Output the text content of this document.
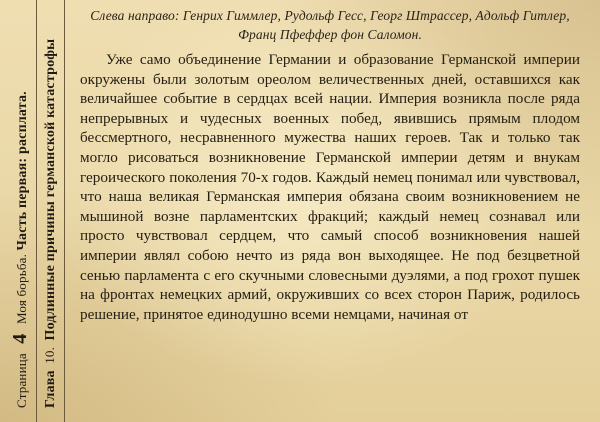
Страница 4 Моя борьба. Часть первая: расплата.
Глава 10. Подлинные причины германской катастрофы

Слева направо: Генрих Гиммлер, Рудольф Гесс, Георг Штрассер, Адольф Гитлер, Франц Пфеффер фон Саломон.

Уже само объединение Германии и образование Германской империи окружены были золотым ореолом величественных дней, оставшихся как величайшее событие в сердцах всей нации. Империя возникла после ряда непрерывных и чудесных военных побед, явившись прямым плодом бессмертного, несравненного мужества наших героев. Так и только так могло рисоваться возникновение Германской империи детям и внукам героического поколения 70-х годов. Каждый немец понимал или чувствовал, что наша великая Германская империя обязана своим возникновением не мышиной возне парламентских фракций; каждый немец сознавал или просто чувствовал сердцем, что самый способ возникновения нашей империи являл собою нечто из ряда вон выходящее. Не под безцветной сенью парламента с его скучными словесными дуэлями, а под грохот пушек на фронтах немецких армий, окруживших со всех сторон Париж, родилось решение, принятое единодушно всеми немцами, начиная от
